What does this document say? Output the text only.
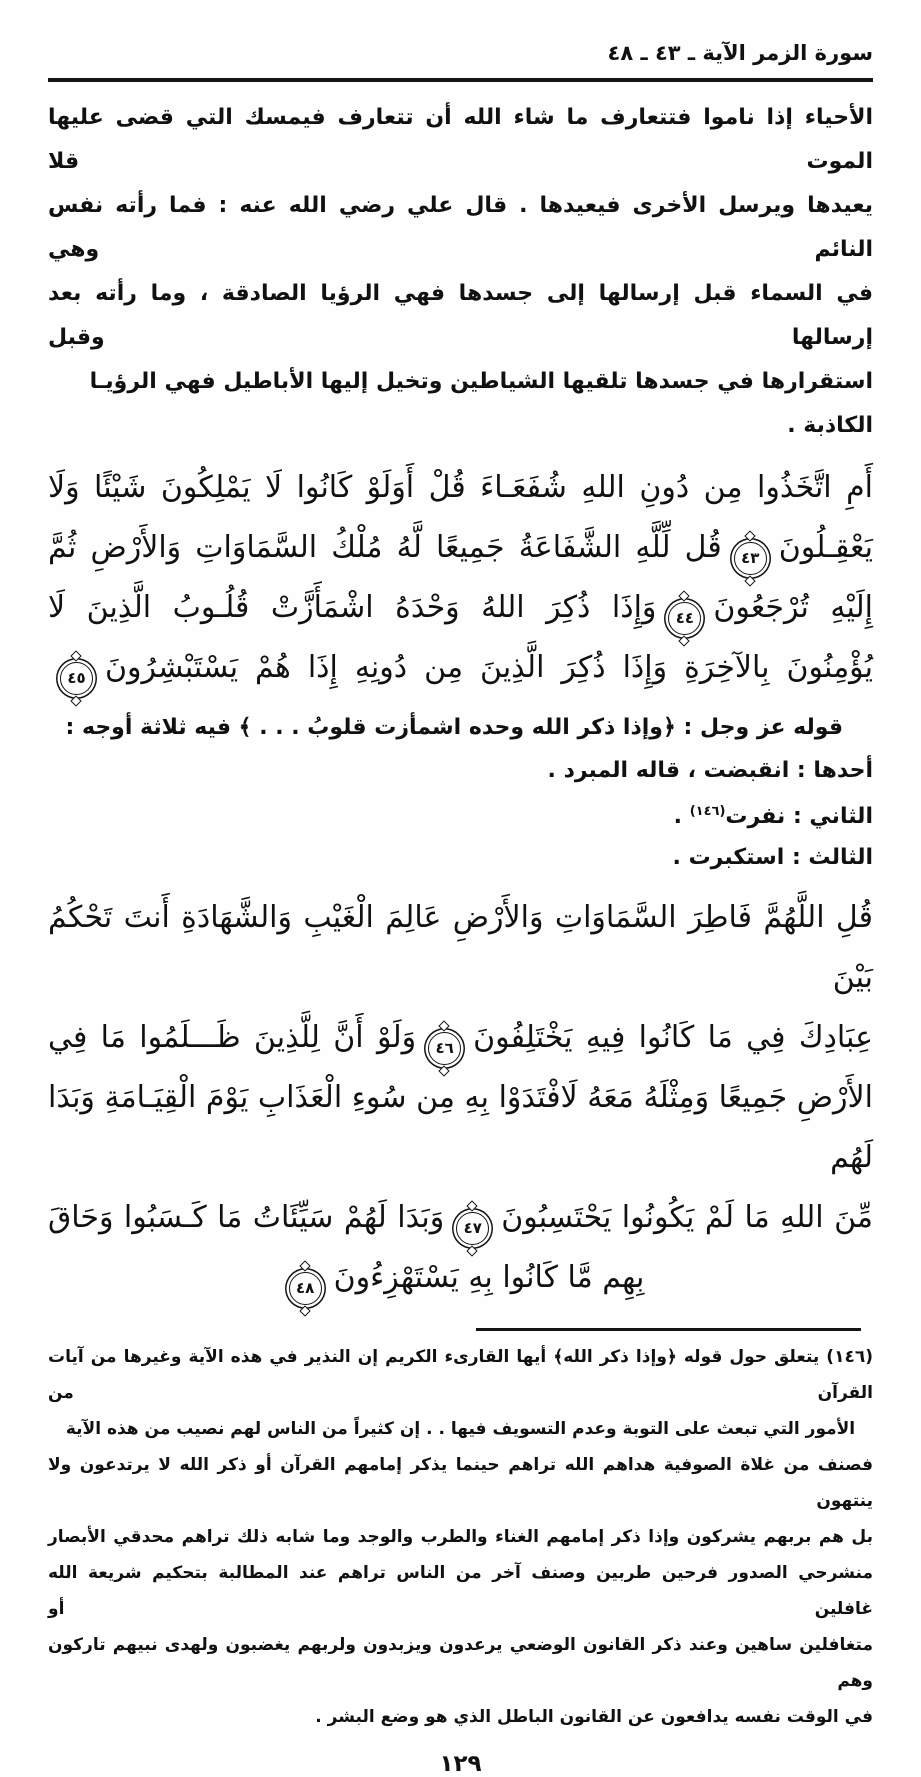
سورة الزمر الآية ـ ٤٣ ـ ٤٨
الأحياء إذا ناموا فتتعارف ما شاء الله أن تتعارف فيمسك التي قضى عليها الموت قلا
يعيدها ويرسل الأخرى فيعيدها . قال علي رضي الله عنه : فما رأته نفس النائم وهي
في السماء قبل إرسالها إلى جسدها فهي الرؤيا الصادقة ، وما رأته بعد إرسالها وقبل
استقرارها في جسدها تلقيها الشياطين وتخيل إليها الأباطيل فهي الرؤيـا الكاذبة .
أَمِ اتَّخَذُوا مِن دُونِ اللهِ شُفَعَـاءَ قُلْ أَوَلَوْ كَانُوا لَا يَمْلِكُونَ شَيْئًا وَلَا
يَعْقِـلُونَ٤٣قُل لِّلَّهِ الشَّفَاعَةُ جَمِيعًا لَّهُ مُلْكُ السَّمَاوَاتِ وَالأَرْضِ ثُمَّ
إِلَيْهِ تُرْجَعُونَ٤٤وَإِذَا ذُكِرَ اللهُ وَحْدَهُ اشْمَأَزَّتْ قُلُـوبُ الَّذِينَ لَا
يُؤْمِنُونَ بِالآخِرَةِ وَإِذَا ذُكِرَ الَّذِينَ مِن دُونِهِ إِذَا هُمْ يَسْتَبْشِرُونَ٤٥
قوله عز وجل : ﴿وإذا ذكر الله وحده اشمأزت قلوبُ . . . ﴾ فيه ثلاثة أوجه :
أحدها : انقبضت ، قاله المبرد .
الثاني : نفرت$^{(١٤٦)}$ .
الثالث : استكبرت .
قُلِ اللَّهُمَّ فَاطِرَ السَّمَاوَاتِ وَالأَرْضِ عَالِمَ الْغَيْبِ وَالشَّهَادَةِ أَنتَ تَحْكُمُ بَيْنَ
عِبَادِكَ فِي مَا كَانُوا فِيهِ يَخْتَلِفُونَ٤٦وَلَوْ أَنَّ لِلَّذِينَ ظَـــلَمُوا مَا فِي
الأَرْضِ جَمِيعًا وَمِثْلَهُ مَعَهُ لَافْتَدَوْا بِهِ مِن سُوءِ الْعَذَابِ يَوْمَ الْقِيَـامَةِ وَبَدَا لَهُم
مِّنَ اللهِ مَا لَمْ يَكُونُوا يَحْتَسِبُونَ٤٧وَبَدَا لَهُمْ سَيِّئَاتُ مَا كَـسَبُوا وَحَاقَ
بِهِم مَّا كَانُوا بِهِ يَسْتَهْزِءُونَ٤٨
(١٤٦) يتعلق حول قوله ﴿وإذا ذكر الله﴾ أيها القارىء الكريم إن النذير في هذه الآية وغيرها من آيات القرآن من
الأمور التي تبعث على التوبة وعدم التسويف فيها . . إن كثيراً من الناس لهم نصيب من هذه الآية
فصنف من غلاة الصوفية هداهم الله تراهم حينما يذكر إمامهم القرآن أو ذكر الله لا يرتدعون ولا ينتهون
بل هم بربهم يشركون وإذا ذكر إمامهم الغناء والطرب والوجد وما شابه ذلك تراهم محدقي الأبصار
منشرحي الصدور فرحين طربين وصنف آخر من الناس تراهم عند المطالبة بتحكيم شريعة الله غافلين أو
متغافلين ساهين وعند ذكر القانون الوضعي يرعدون ويزبدون ولربهم يغضبون ولهدى نبيهم تاركون وهم
في الوقت نفسه يدافعون عن القانون الباطل الذي هو وضع البشر .
١٢٩
